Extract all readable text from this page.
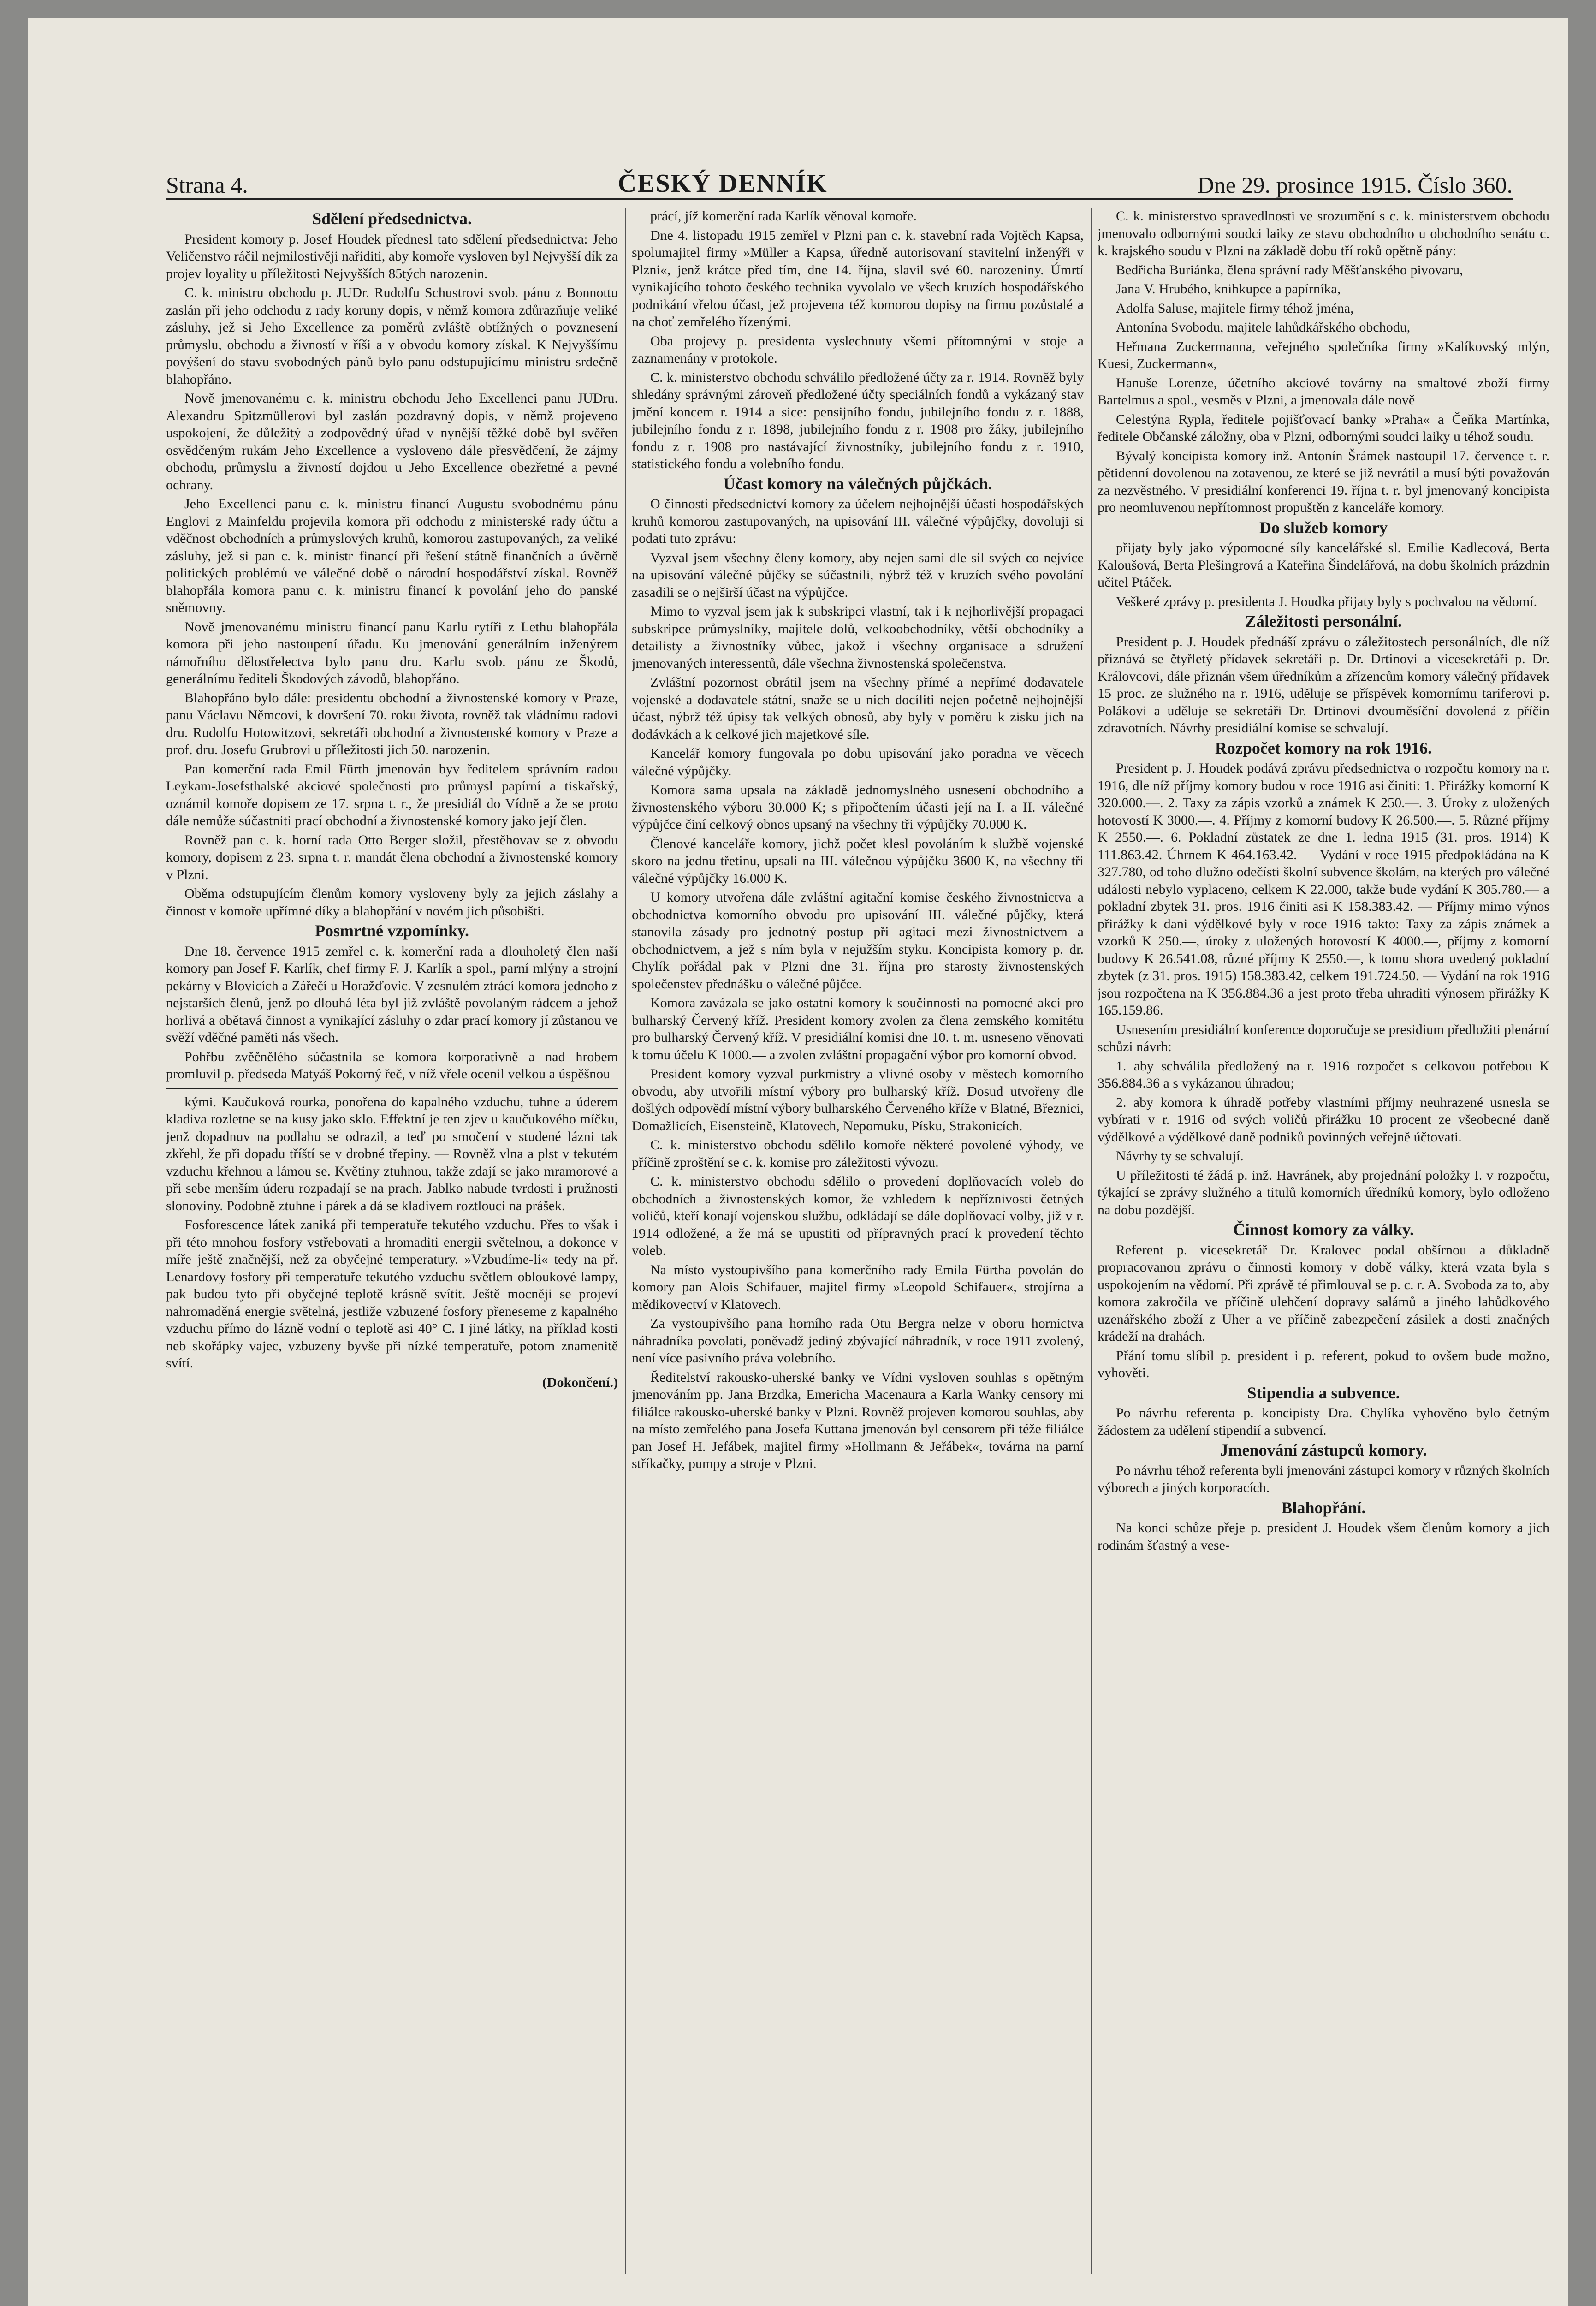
Strana 4.	ČESKÝ DENNÍK	Dne 29. prosince 1915. Číslo 360.
Sdělení předsednictva.

President komory p. Josef Houdek přednesl tato sdělení předsednictva: Jeho Veličenstvo ráčil nejmilostivěji nařiditi, aby komoře vysloven byl Nejvyšší dík za projev loyality u příležitosti Nejvyšších 85tých narozenin.

C. k. ministru obchodu p. JUDr. Rudolfu Schustrovi svob. pánu z Bonnottu zaslán při jeho odchodu z rady koruny dopis, v němž komora zdůrazňuje veliké zásluhy, jež si Jeho Excellence za poměrů zvláště obtížných o povznesení průmyslu, obchodu a živností v říši a v obvodu komory získal. K Nejvyššímu povýšení do stavu svobodných pánů bylo panu odstupujícímu ministru srdečně blahopřáno.

Nově jmenovanému c. k. ministru obchodu Jeho Excellenci panu JUDru. Alexandru Spitzmüllerovi byl zaslán pozdravný dopis, v němž projeveno uspokojení, že důležitý a zodpovědný úřad v nynější těžké době byl svěřen osvědčeným rukám Jeho Excellence a vysloveno dále přesvědčení, že zájmy obchodu, průmyslu a živností dojdou u Jeho Excellence obezřetné a pevné ochrany.

Jeho Excellenci panu c. k. ministru financí Augustu svobodnému pánu Englovi z Mainfeldu projevila komora při odchodu z ministerské rady účtu a vděčnost obchodních a průmyslových kruhů, komorou zastupovaných, za veliké zásluhy, jež si pan c. k. ministr financí při řešení státně finančních a úvěrně politických problémů ve válečné době o národní hospodářství získal. Rovněž blahopřála komora panu c. k. ministru financí k povolání jeho do panské sněmovny.

Nově jmenovanému ministru financí panu Karlu rytíři z Lethu blahopřála komora při jeho nastoupení úřadu. Ku jmenování generálním inženýrem námořního dělostřelectva bylo panu dru. Karlu svob. pánu ze Škodů, generálnímu řediteli Škodových závodů, blahopřáno.

Blahopřáno bylo dále: presidentu obchodní a živnostenské komory v Praze, panu Václavu Němcovi, k dovršení 70. roku života, rovněž tak vládnímu radovi dru. Rudolfu Hotowitzovi, sekretáři obchodní a živnostenské komory v Praze a prof. dru. Josefu Grubrovi u příležitosti jich 50. narozenin.

Pan komerční rada Emil Fürth jmenován byv ředitelem správním radou Leykam-Josefsthalské akciové společnosti pro průmysl papírní a tiskařský, oznámil komoře dopisem ze 17. srpna t. r., že presidiál do Vídně a že se proto dále nemůže súčastniti prací obchodní a živnostenské komory jako její člen.

Rovněž pan c. k. horní rada Otto Berger složil, přestěhovav se z obvodu komory, dopisem z 23. srpna t. r. mandát člena obchodní a živnostenské komory v Plzni.

Oběma odstupujícím členům komory vysloveny byly za jejich záslahy a činnost v komoře upřímné díky a blahopřání v novém jich působišti.

Posmrtné vzpomínky.

Dne 18. července 1915 zemřel c. k. komerční rada a dlouholetý člen naší komory pan Josef F. Karlík, chef firmy F. J. Karlík a spol., parní mlýny a strojní pekárny v Blovicích a Zářečí u Horažďovic. V zesnulém ztrácí komora jednoho z nejstarších členů, jenž po dlouhá léta byl již zvláště povolaným rádcem a jehož horlivá a obětavá činnost a vynikající zásluhy o zdar prací komory jí zůstanou ve svěží vděčné paměti nás všech.

Pohřbu zvěčnělého súčastnila se komora korporativně a nad hrobem promluvil p. předseda Matyáš Pokorný řeč, v níž vřele ocenil velkou a úspěšnou

kými. Kaučuková rourka, ponořena do kapalného vzduchu, tuhne a úderem kladiva rozletne se na kusy jako sklo. Effektní je ten zjev u kaučukového míčku, jenž dopadnuv na podlahu se odrazil, a teď po smočení v studené lázni tak zkřehl, že při dopadu tříští se v drobné třepiny. — Rovněž vlna a plst v tekutém vzduchu křehnou a lámou se. Květiny ztuhnou, takže zdají se jako mramorové a při sebe menším úderu rozpadají se na prach. Jablko nabude tvrdosti i pružnosti slonoviny. Podobně ztuhne i párek a dá se kladivem roztlouci na prášek.

Fosforescence látek zaniká při temperatuře tekutého vzduchu. Přes to však i při této mnohou fosfory vstřebovati a hromaditi energii světelnou, a dokonce v míře ještě značnější, než za obyčejné temperatury. »Vzbudíme-li« tedy na př. Lenardovy fosfory při temperatuře tekutého vzduchu světlem obloukové lampy, pak budou tyto při obyčejné teplotě krásně svítit. Ještě mocněji se projeví nahromaděná energie světelná, jestliže vzbuzené fosfory přeneseme z kapalného vzduchu přímo do lázně vodní o teplotě asi 40° C. I jiné látky, na příklad kosti neb skořápky vajec, vzbuzeny byvše při nízké temperatuře, potom znamenitě svítí.

(Dokončení.)

prácí, jíž komerční rada Karlík věnoval komoře.

Dne 4. listopadu 1915 zemřel v Plzni pan c. k. stavební rada Vojtěch Kapsa, spolumajitel firmy »Müller a Kapsa, úředně autorisovaní stavitelní inženýři v Plzni«, jenž krátce před tím, dne 14. října, slavil své 60. narozeniny. Úmrtí vynikajícího tohoto českého technika vyvolalo ve všech kruzích hospodářského podnikání vřelou účast, jež projevena též komorou dopisy na firmu pozůstalé a na choť zemřelého řízenými.

Oba projevy p. presidenta vyslechnuty všemi přítomnými v stoje a zaznamenány v protokole.

C. k. ministerstvo obchodu schválilo předložené účty za r. 1914. Rovněž byly shledány správnými zároveň předložené účty speciálních fondů a vykázaný stav jmění koncem r. 1914 a sice: pensijního fondu, jubilejního fondu z r. 1888, jubilejního fondu z r. 1898, jubilejního fondu z r. 1908 pro žáky, jubilejního fondu z r. 1908 pro nastávající živnostníky, jubilejního fondu z r. 1910, statistického fondu a volebního fondu.

Účast komory na válečných půjčkách.

O činnosti předsednictví komory za účelem nejhojnější účasti hospodářských kruhů komorou zastupovaných, na upisování III. válečné výpůjčky, dovoluji si podati tuto zprávu:

Vyzval jsem všechny členy komory, aby nejen sami dle sil svých co nejvíce na upisování válečné půjčky se súčastnili, nýbrž též v kruzích svého povolání zasadili se o nejširší účast na výpůjčce.

Mimo to vyzval jsem jak k subskripci vlastní, tak i k nejhorlivější propagaci subskripce průmyslníky, majitele dolů, velkoobchodníky, větší obchodníky a detailisty a živnostníky vůbec, jakož i všechny organisace a sdružení jmenovaných interessentů, dále všechna živnostenská společenstva.

Zvláštní pozornost obrátil jsem na všechny přímé a nepřímé dodavatele vojenské a dodavatele státní, snaže se u nich docíliti nejen početně nejhojnější účast, nýbrž též úpisy tak velkých obnosů, aby byly v poměru k zisku jich na dodávkách a k celkové jich majetkové síle.

Kancelář komory fungovala po dobu upisování jako poradna ve věcech válečné výpůjčky.

Komora sama upsala na základě jednomyslného usnesení obchodního a živnostenského výboru 30.000 K; s připočtením účasti její na I. a II. válečné výpůjčce činí celkový obnos upsaný na všechny tři výpůjčky 70.000 K.

Členové kanceláře komory, jichž počet klesl povoláním k službě vojenské skoro na jednu třetinu, upsali na III. válečnou výpůjčku 3600 K, na všechny tři válečné výpůjčky 16.000 K.

U komory utvořena dále zvláštní agitační komise českého živnostnictva a obchodnictva komorního obvodu pro upisování III. válečné půjčky, která stanovila zásady pro jednotný postup při agitaci mezi živnostnictvem a obchodnictvem, a jež s ním byla v nejužším styku. Koncipista komory p. dr. Chylík pořádal pak v Plzni dne 31. října pro starosty živnostenských společenstev přednášku o válečné půjčce.

Komora zavázala se jako ostatní komory k součinnosti na pomocné akci pro bulharský Červený kříž. President komory zvolen za člena zemského komitétu pro bulharský Červený kříž. V presidiální komisi dne 10. t. m. usneseno věnovati k tomu účelu K 1000.— a zvolen zvláštní propagační výbor pro komorní obvod.

President komory vyzval purkmistry a vlivné osoby v městech komorního obvodu, aby utvořili místní výbory pro bulharský kříž. Dosud utvořeny dle došlých odpovědí místní výbory bulharského Červeného kříže v Blatné, Březnici, Domažlicích, Eisensteině, Klatovech, Nepomuku, Písku, Strakonicích.

C. k. ministerstvo obchodu sdělilo komoře některé povolené výhody, ve příčině zproštění se c. k. komise pro záležitosti vývozu.

C. k. ministerstvo obchodu sdělilo o provedení doplňovacích voleb do obchodních a živnostenských komor, že vzhledem k nepříznivosti četných voličů, kteří konají vojenskou službu, odkládají se dále doplňovací volby, již v r. 1914 odložené, a že má se upustiti od přípravných prací k provedení těchto voleb.

Na místo vystoupivšího pana komerčního rady Emila Fürtha povolán do komory pan Alois Schifauer, majitel firmy »Leopold Schifauer«, strojírna a mědikovectví v Klatovech.

Za vystoupivšího pana horního rada Otu Bergra nelze v oboru hornictva náhradníka povolati, poněvadž jediný zbývající náhradník, v roce 1911 zvolený, není více pasivního práva volebního.

Ředitelství rakousko-uherské banky ve Vídni vysloven souhlas s opětným jmenováním pp. Jana Brzdka, Emericha Macenaura a Karla Wanky censory mi filiálce rakousko-uherské banky v Plzni. Rovněž projeven komorou souhlas, aby na místo zemřelého pana Josefa Kuttana jmenován byl censorem při téže filiálce pan Josef H. Jefábek, majitel firmy »Hollmann & Jeřábek«, továrna na parní stříkačky, pumpy a stroje v Plzni.

C. k. ministerstvo spravedlnosti ve srozumění s c. k. ministerstvem obchodu jmenovalo odbornými soudci laiky ze stavu obchodního u obchodního senátu c. k. krajského soudu v Plzni na základě dobu tří roků opětně pány:

Bedřicha Buriánka, člena správní rady Měšťanského pivovaru,

Jana V. Hrubého, knihkupce a papírníka,

Adolfa Saluse, majitele firmy téhož jména,

Antonína Svobodu, majitele lahůdkářského obchodu,

Heřmana Zuckermanna, veřejného společníka firmy »Kalíkovský mlýn, Kuesi, Zuckermann«,

Hanuše Lorenze, účetního akciové továrny na smaltové zboží firmy Bartelmus a spol., vesměs v Plzni, a jmenovala dále nově

Celestýna Rypla, ředitele pojišťovací banky »Praha« a Čeňka Martínka, ředitele Občanské záložny, oba v Plzni, odbornými soudci laiky u téhož soudu.

Bývalý koncipista komory inž. Antonín Šrámek nastoupil 17. července t. r. pětidenní dovolenou na zotavenou, ze které se již nevrátil a musí býti považován za nezvěstného. V presidiální konferenci 19. října t. r. byl jmenovaný koncipista pro neomluvenou nepřítomnost propuštěn z kanceláře komory.

Do služeb komory

přijaty byly jako výpomocné síly kancelářské sl. Emilie Kadlecová, Berta Kaloušová, Berta Plešingrová a Kateřina Šindelářová, na dobu školních prázdnin učitel Ptáček.

Veškeré zprávy p. presidenta J. Houdka přijaty byly s pochvalou na vědomí.

Záležitosti personální.

President p. J. Houdek přednáší zprávu o záležitostech personálních, dle níž přiznává se čtyřletý přídavek sekretáři p. Dr. Drtinovi a vicesekretáři p. Dr. Královcovi, dále přiznán všem úředníkům a zřízencům komory válečný přídavek 15 proc. ze služného na r. 1916, uděluje se příspěvek komornímu tariferovi p. Polákovi a uděluje se sekretáři Dr. Drtinovi dvouměsíční dovolená z příčin zdravotních. Návrhy presidiální komise se schvalují.

Rozpočet komory na rok 1916.

President p. J. Houdek podává zprávu předsednictva o rozpočtu komory na r. 1916, dle níž příjmy komory budou v roce 1916 asi činiti: 1. Přirážky komorní K 320.000.—. 2. Taxy za zápis vzorků a známek K 250.—. 3. Úroky z uložených hotovostí K 3000.—. 4. Příjmy z komorní budovy K 26.500.—. 5. Různé příjmy K 2550.—. 6. Pokladní zůstatek ze dne 1. ledna 1915 (31. pros. 1914) K 111.863.42. Úhrnem K 464.163.42. — Vydání v roce 1915 předpokládána na K 327.780, od toho dlužno odečísti školní subvence školám, na kterých pro válečné události nebylo vyplaceno, celkem K 22.000, takže bude vydání K 305.780.— a pokladní zbytek 31. pros. 1916 činiti asi K 158.383.42. — Příjmy mimo výnos přirážky k dani výdělkové byly v roce 1916 takto: Taxy za zápis známek a vzorků K 250.—, úroky z uložených hotovostí K 4000.—, příjmy z komorní budovy K 26.541.08, různé příjmy K 2550.—, k tomu shora uvedený pokladní zbytek (z 31. pros. 1915) 158.383.42, celkem 191.724.50. — Vydání na rok 1916 jsou rozpočtena na K 356.884.36 a jest proto třeba uhraditi výnosem přirážky K 165.159.86.

Usnesením presidiální konference doporučuje se presidium předložiti plenární schůzi návrh:

1. aby schválila předložený na r. 1916 rozpočet s celkovou potřebou K 356.884.36 a s vykázanou úhradou;

2. aby komora k úhradě potřeby vlastními příjmy neuhrazené usnesla se vybírati v r. 1916 od svých voličů přirážku 10 procent ze všeobecné daně výdělkové a výdělkové daně podniků povinných veřejně účtovati.

Návrhy ty se schvalují.

U příležitosti té žádá p. inž. Havránek, aby projednání položky I. v rozpočtu, týkající se zprávy služného a titulů komorních úředníků komory, bylo odloženo na dobu pozdější.

Činnost komory za války.

Referent p. vicesekretář Dr. Kralovec podal obšírnou a důkladně propracovanou zprávu o činnosti komory v době války, která vzata byla s uspokojením na vědomí. Při zprávě té přimlouval se p. c. r. A. Svoboda za to, aby komora zakročila ve příčině ulehčení dopravy salámů a jiného lahůdkového uzenářského zboží z Uher a ve příčině zabezpečení zásilek a dosti značných krádeží na drahách.

Přání tomu slíbil p. president i p. referent, pokud to ovšem bude možno, vyhověti.

Stipendia a subvence.

Po návrhu referenta p. koncipisty Dra. Chylíka vyhověno bylo četným žádostem za udělení stipendií a subvencí.

Jmenování zástupců komory.

Po návrhu téhož referenta byli jmenováni zástupci komory v různých školních výborech a jiných korporacích.

Blahopřání.

Na konci schůze přeje p. president J. Houdek všem členům komory a jich rodinám šťastný a vese-
